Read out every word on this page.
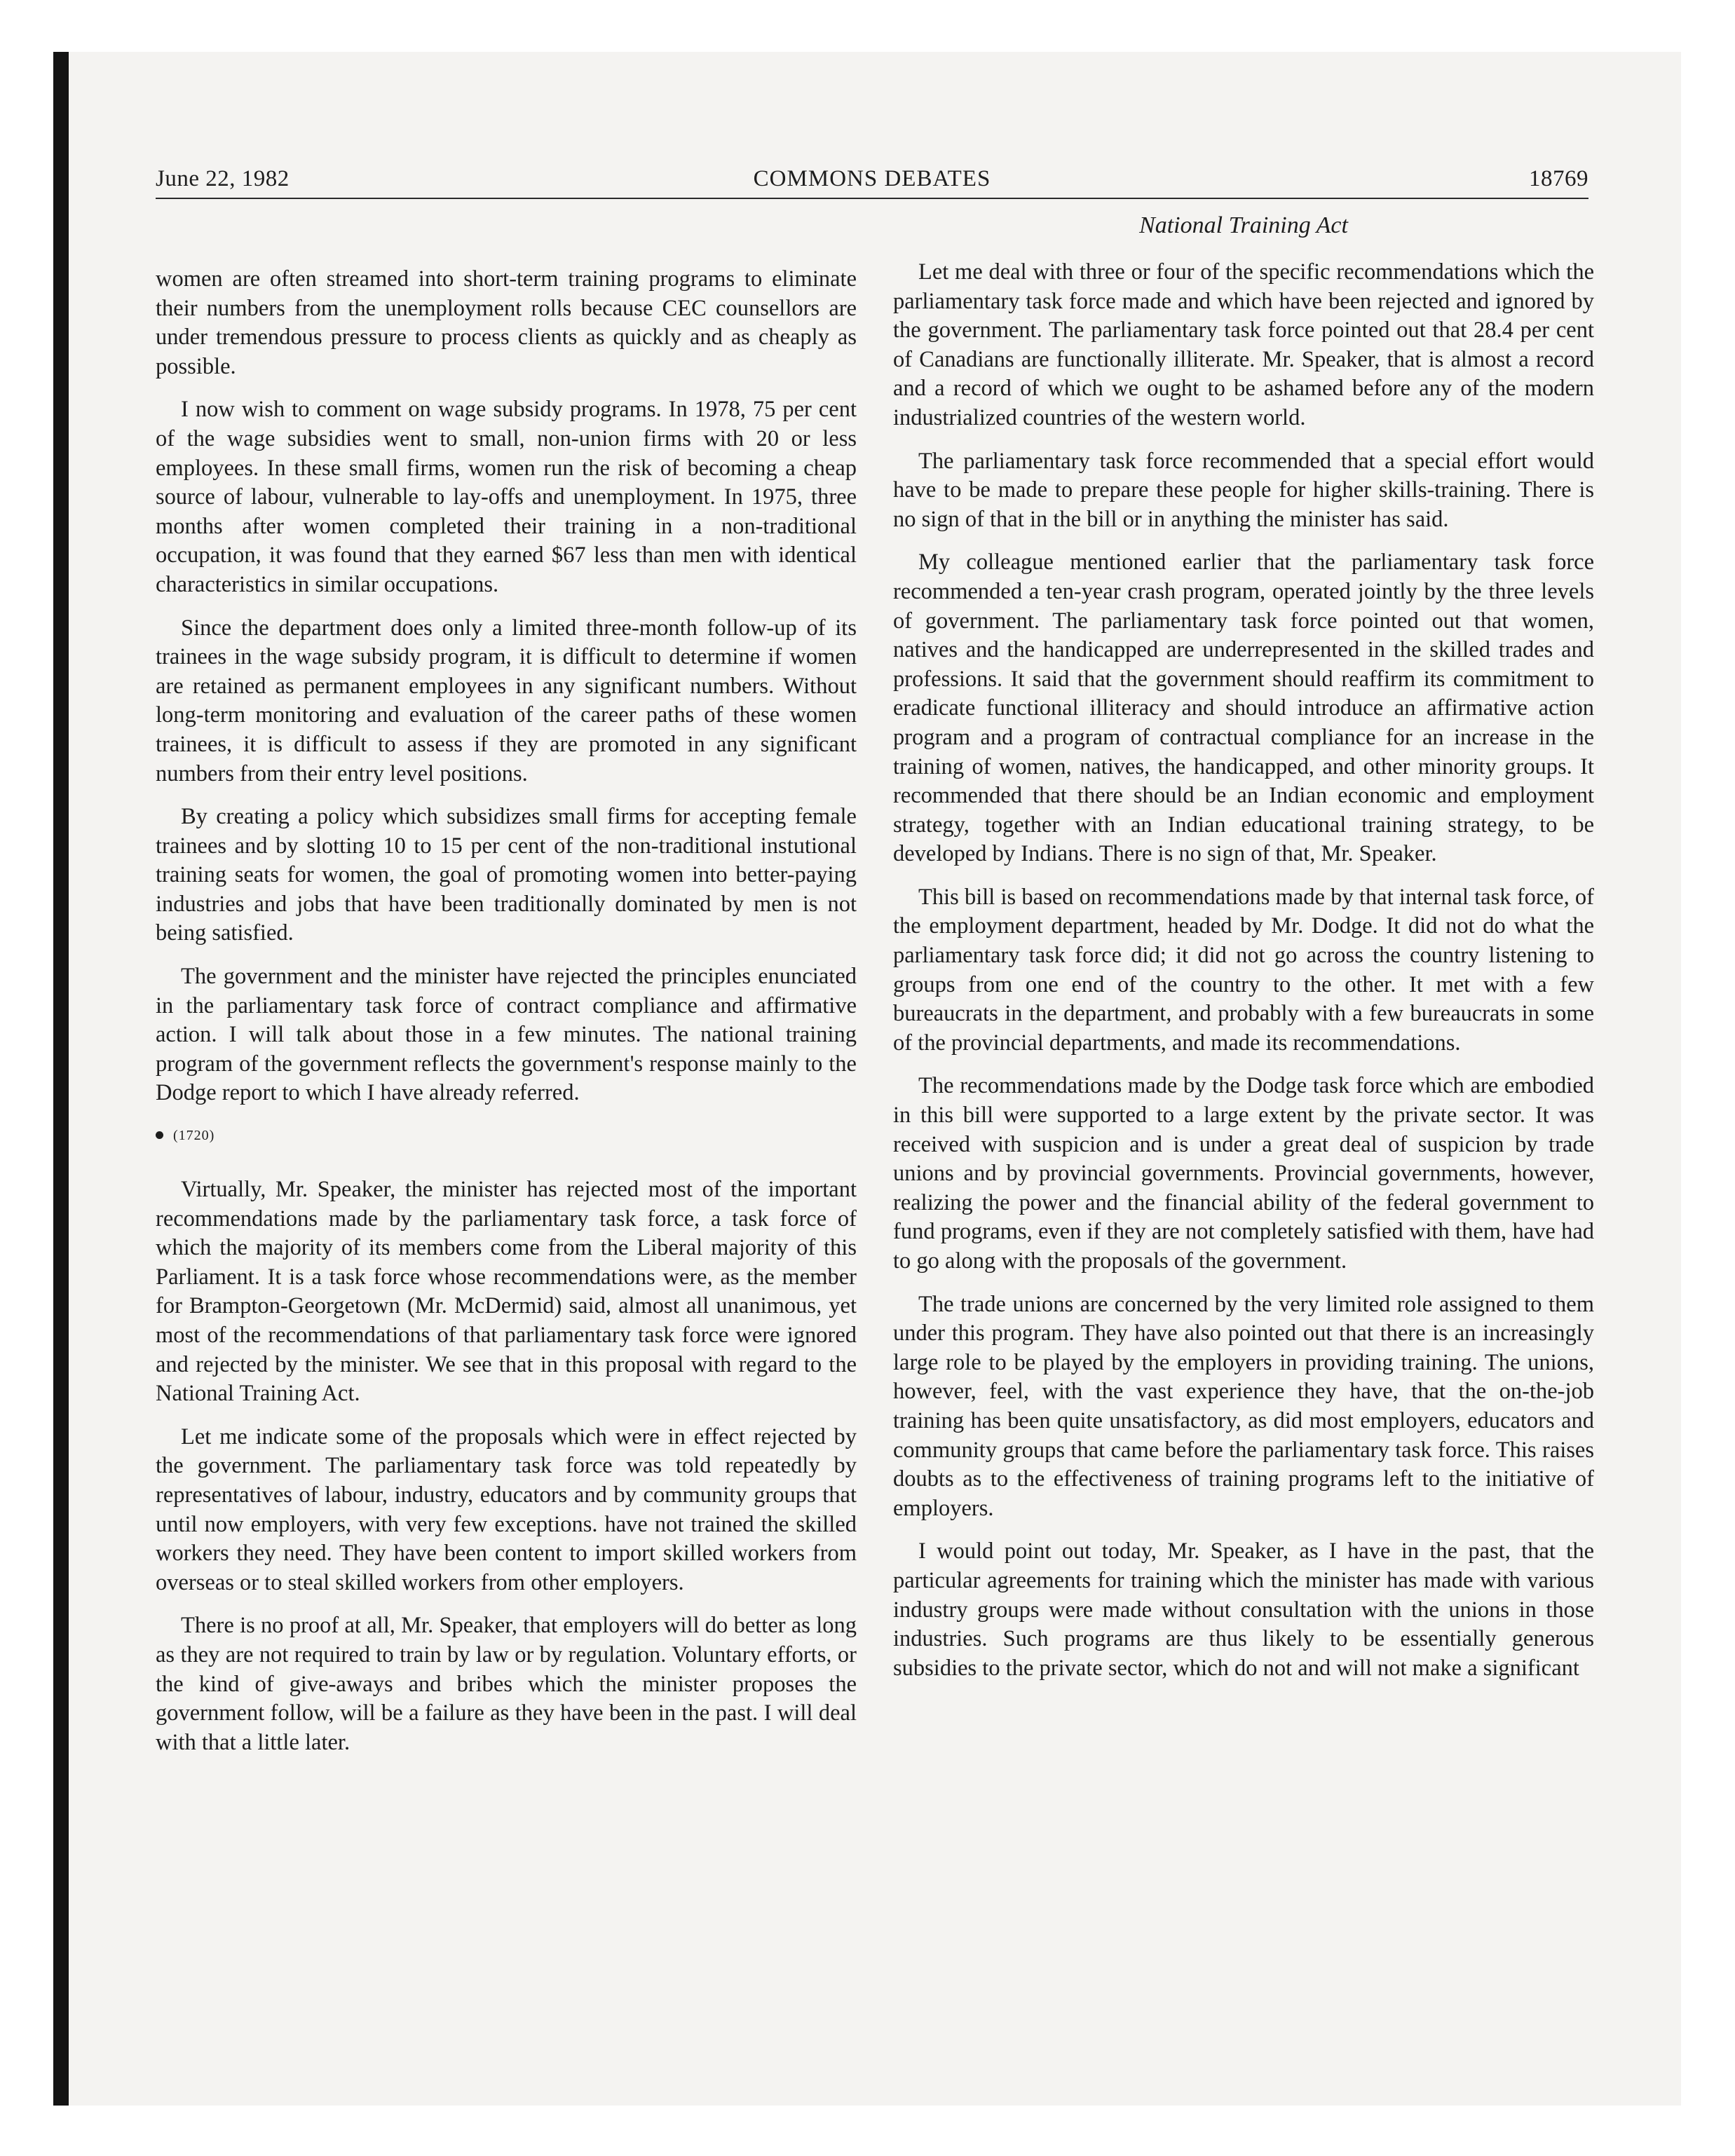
June 22, 1982	COMMONS DEBATES	18769

women are often streamed into short-term training programs to eliminate their numbers from the unemployment rolls because CEC counsellors are under tremendous pressure to process clients as quickly and as cheaply as possible.

I now wish to comment on wage subsidy programs. In 1978, 75 per cent of the wage subsidies went to small, non-union firms with 20 or less employees. In these small firms, women run the risk of becoming a cheap source of labour, vulnerable to lay-offs and unemployment. In 1975, three months after women completed their training in a non-traditional occupation, it was found that they earned $67 less than men with identical characteristics in similar occupations.

Since the department does only a limited three-month follow-up of its trainees in the wage subsidy program, it is difficult to determine if women are retained as permanent employees in any significant numbers. Without long-term monitoring and evaluation of the career paths of these women trainees, it is difficult to assess if they are promoted in any significant numbers from their entry level positions.

By creating a policy which subsidizes small firms for accepting female trainees and by slotting 10 to 15 per cent of the non-traditional instutional training seats for women, the goal of promoting women into better-paying industries and jobs that have been traditionally dominated by men is not being satisfied.

The government and the minister have rejected the principles enunciated in the parliamentary task force of contract compliance and affirmative action. I will talk about those in a few minutes. The national training program of the government reflects the government's response mainly to the Dodge report to which I have already referred.

(1720)

Virtually, Mr. Speaker, the minister has rejected most of the important recommendations made by the parliamentary task force, a task force of which the majority of its members come from the Liberal majority of this Parliament. It is a task force whose recommendations were, as the member for Brampton-Georgetown (Mr. McDermid) said, almost all unanimous, yet most of the recommendations of that parliamentary task force were ignored and rejected by the minister. We see that in this proposal with regard to the National Training Act.

Let me indicate some of the proposals which were in effect rejected by the government. The parliamentary task force was told repeatedly by representatives of labour, industry, educators and by community groups that until now employers, with very few exceptions. have not trained the skilled workers they need. They have been content to import skilled workers from overseas or to steal skilled workers from other employers.

There is no proof at all, Mr. Speaker, that employers will do better as long as they are not required to train by law or by regulation. Voluntary efforts, or the kind of give-aways and bribes which the minister proposes the government follow, will be a failure as they have been in the past. I will deal with that a little later.

National Training Act

Let me deal with three or four of the specific recommendations which the parliamentary task force made and which have been rejected and ignored by the government. The parliamentary task force pointed out that 28.4 per cent of Canadians are functionally illiterate. Mr. Speaker, that is almost a record and a record of which we ought to be ashamed before any of the modern industrialized countries of the western world.

The parliamentary task force recommended that a special effort would have to be made to prepare these people for higher skills-training. There is no sign of that in the bill or in anything the minister has said.

My colleague mentioned earlier that the parliamentary task force recommended a ten-year crash program, operated jointly by the three levels of government. The parliamentary task force pointed out that women, natives and the handicapped are underrepresented in the skilled trades and professions. It said that the government should reaffirm its commitment to eradicate functional illiteracy and should introduce an affirmative action program and a program of contractual compliance for an increase in the training of women, natives, the handicapped, and other minority groups. It recommended that there should be an Indian economic and employment strategy, together with an Indian educational training strategy, to be developed by Indians. There is no sign of that, Mr. Speaker.

This bill is based on recommendations made by that internal task force, of the employment department, headed by Mr. Dodge. It did not do what the parliamentary task force did; it did not go across the country listening to groups from one end of the country to the other. It met with a few bureaucrats in the department, and probably with a few bureaucrats in some of the provincial departments, and made its recommendations.

The recommendations made by the Dodge task force which are embodied in this bill were supported to a large extent by the private sector. It was received with suspicion and is under a great deal of suspicion by trade unions and by provincial governments. Provincial governments, however, realizing the power and the financial ability of the federal government to fund programs, even if they are not completely satisfied with them, have had to go along with the proposals of the government.

The trade unions are concerned by the very limited role assigned to them under this program. They have also pointed out that there is an increasingly large role to be played by the employers in providing training. The unions, however, feel, with the vast experience they have, that the on-the-job training has been quite unsatisfactory, as did most employers, educators and community groups that came before the parliamentary task force. This raises doubts as to the effectiveness of training programs left to the initiative of employers.

I would point out today, Mr. Speaker, as I have in the past, that the particular agreements for training which the minister has made with various industry groups were made without consultation with the unions in those industries. Such programs are thus likely to be essentially generous subsidies to the private sector, which do not and will not make a significant
